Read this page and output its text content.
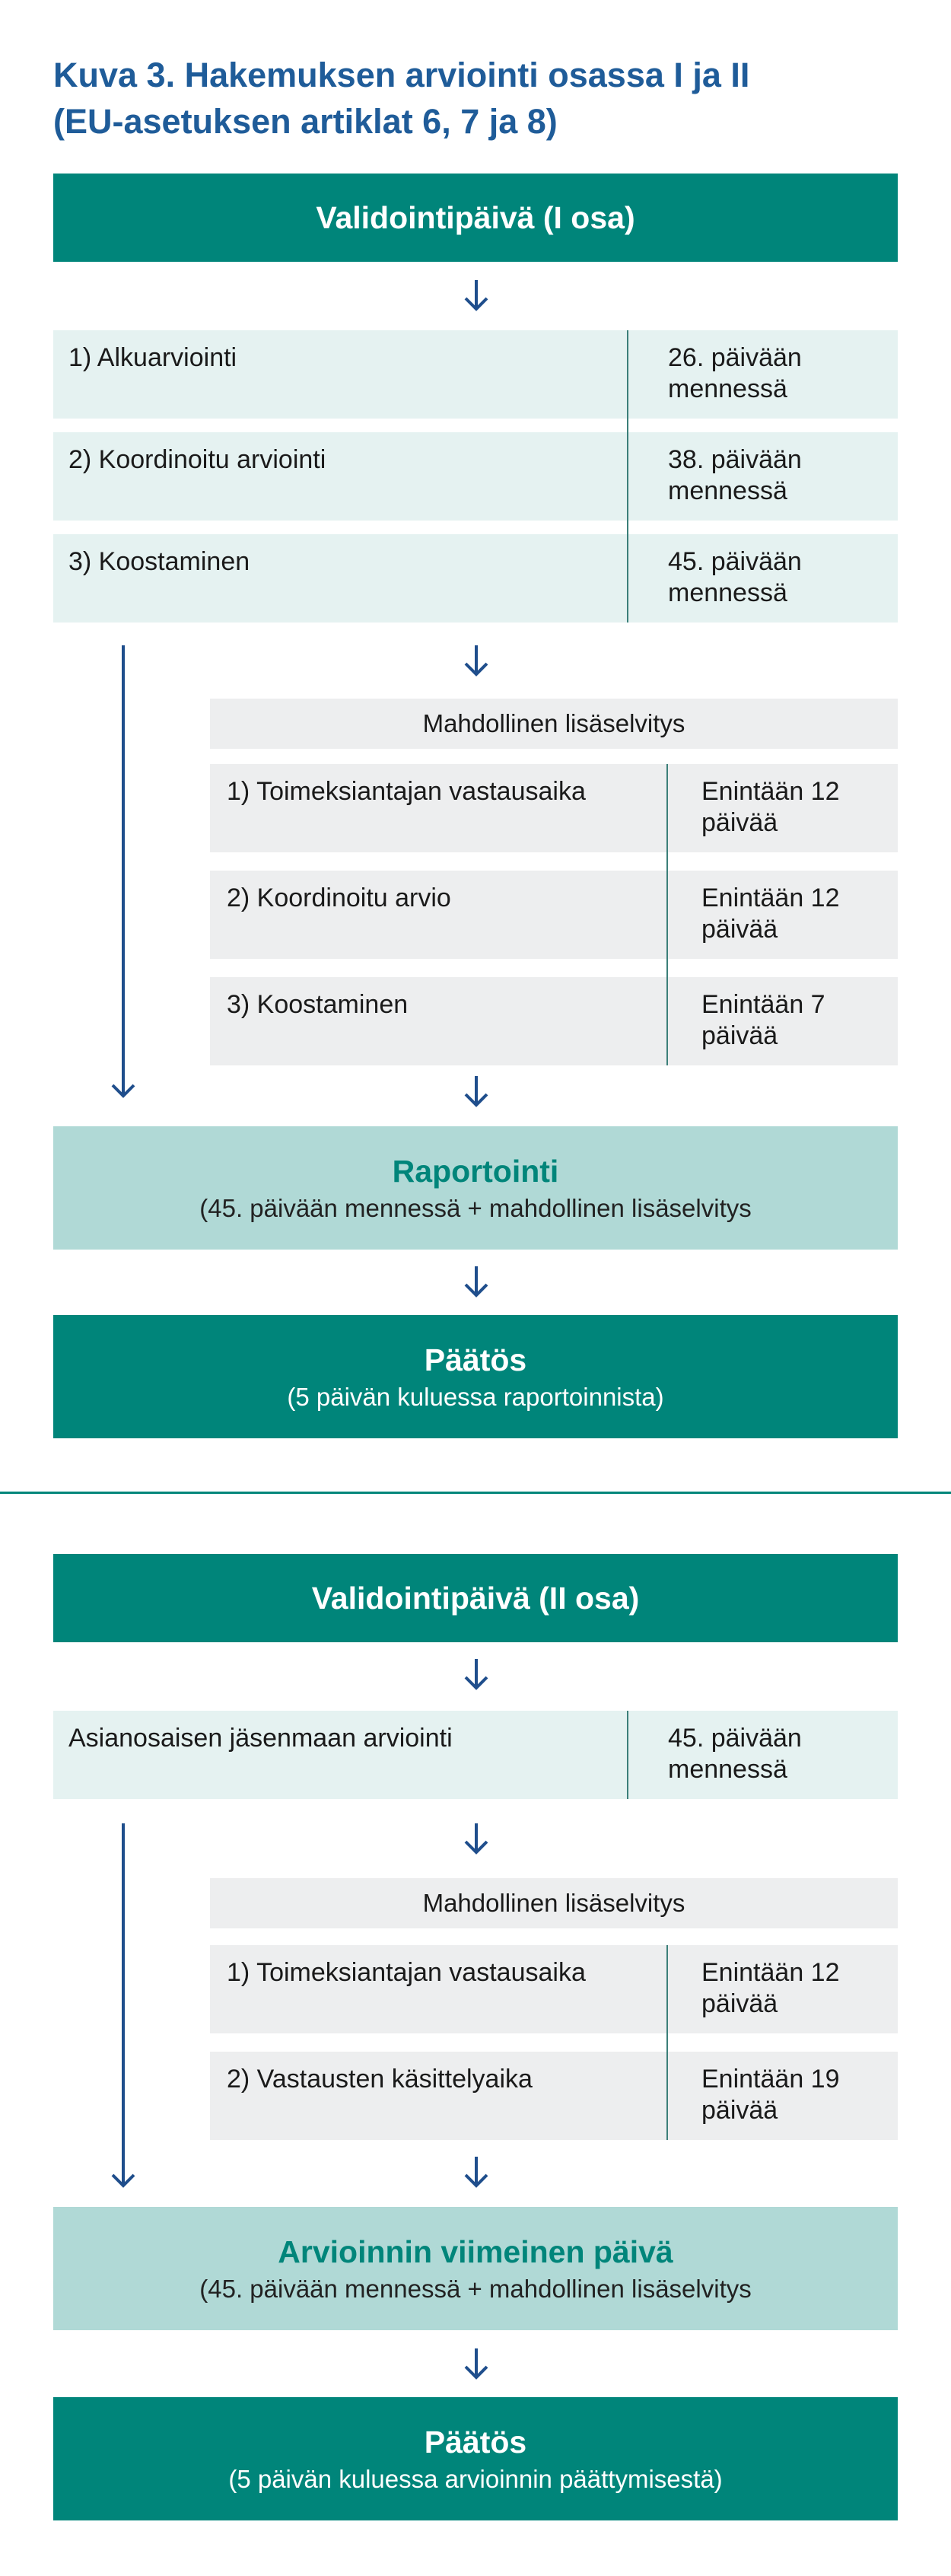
Kuva 3. Hakemuksen arviointi osassa I ja II
(EU-asetuksen artiklat 6, 7 ja 8)
Validointipäivä (I osa)
1) Alkuarviointi	26. päivään
mennessä
2) Koordinoitu arviointi	38. päivään
mennessä
3) Koostaminen	45. päivään
mennessä
Mahdollinen lisäselvitys
1) Toimeksiantajan vastausaika	Enintään 12
päivää
2) Koordinoitu arvio	Enintään 12
päivää
3) Koostaminen	Enintään 7
päivää
Raportointi
(45. päivään mennessä + mahdollinen lisäselvitys
Päätös
(5 päivän kuluessa raportoinnista)
Validointipäivä (II osa)
Asianosaisen jäsenmaan arviointi	45. päivään
mennessä
Mahdollinen lisäselvitys
1) Toimeksiantajan vastausaika	Enintään 12
päivää
2) Vastausten käsittelyaika	Enintään 19
päivää
Arvioinnin viimeinen päivä
(45. päivään mennessä + mahdollinen lisäselvitys
Päätös
(5 päivän kuluessa arvioinnin päättymisestä)
